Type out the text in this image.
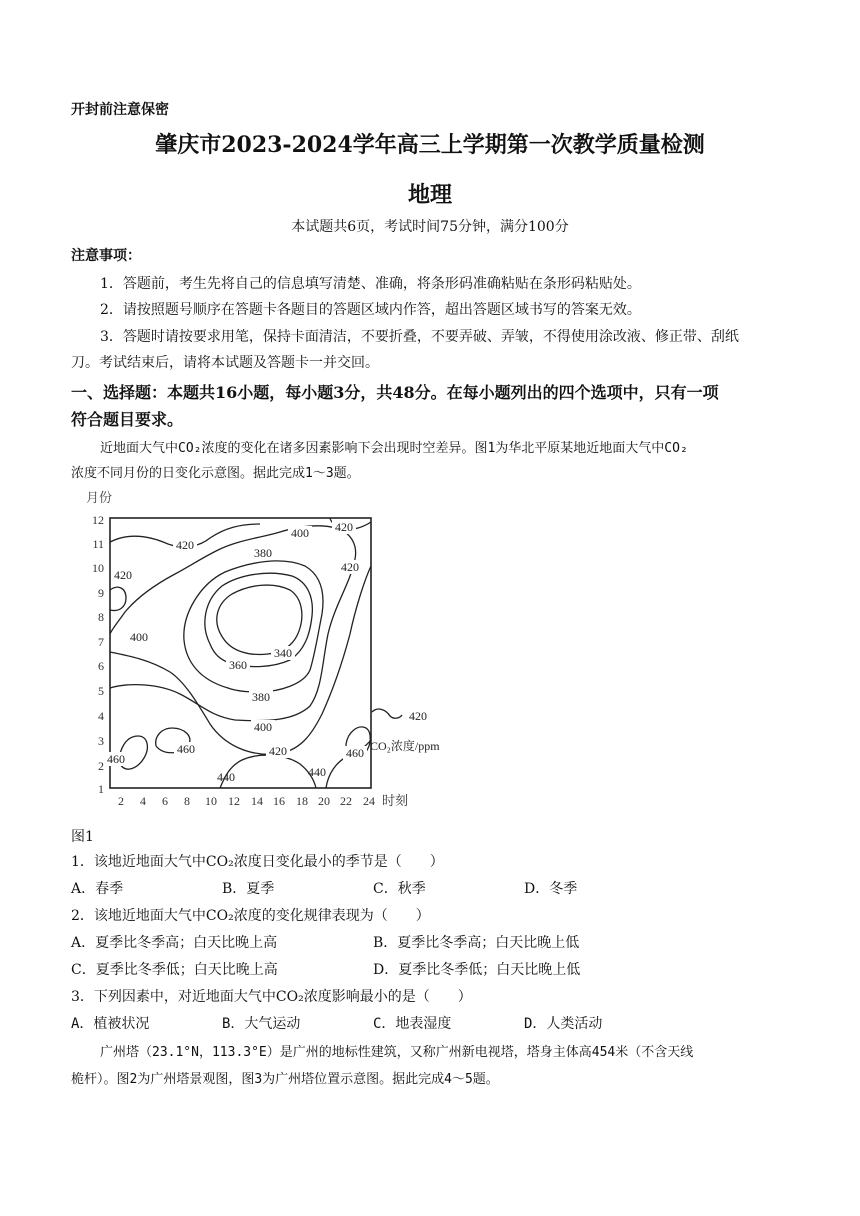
开封前注意保密
肇庆市2023-2024学年高三上学期第一次教学质量检测
地理
本试题共6页，考试时间75分钟，满分100分
注意事项：
1．答题前，考生先将自己的信息填写清楚、准确，将条形码准确粘贴在条形码粘贴处。
2．请按照题号顺序在答题卡各题目的答题区域内作答，超出答题区域书写的答案无效。
3．答题时请按要求用笔，保持卡面清洁，不要折叠，不要弄破、弄皱，不得使用涂改液、修正带、刮纸
刀。考试结束后，请将本试题及答题卡一并交回。
一、选择题：本题共16小题，每小题3分，共48分。在每小题列出的四个选项中，只有一项
符合题目要求。
近地面大气中CO₂浓度的变化在诸多因素影响下会出现时空差异。图1为华北平原某地近地面大气中CO₂
浓度不同月份的日变化示意图。据此完成1～3题。
月份
12
11
10
9
8
7
6
5
4
3
2
1
2 4 6 8 10 12 14 16 18 20 22 24 时刻
420
400 420
420
380
420
400
340
360
380
400
420
460
460	460
440	440
420
CO₂浓度/ppm
图1
1．该地近地面大气中CO₂浓度日变化最小的季节是（　　）
A．春季	B．夏季	C．秋季	D．冬季
2．该地近地面大气中CO₂浓度的变化规律表现为（　　）
A．夏季比冬季高；白天比晚上高	B．夏季比冬季高；白天比晚上低
C．夏季比冬季低；白天比晚上高	D．夏季比冬季低；白天比晚上低
3．下列因素中，对近地面大气中CO₂浓度影响最小的是（　　）
A．植被状况	B．大气运动	C．地表湿度	D．人类活动
广州塔（23.1°N，113.3°E）是广州的地标性建筑，又称广州新电视塔，塔身主体高454米（不含天线
桅杆）。图2为广州塔景观图，图3为广州塔位置示意图。据此完成4～5题。
